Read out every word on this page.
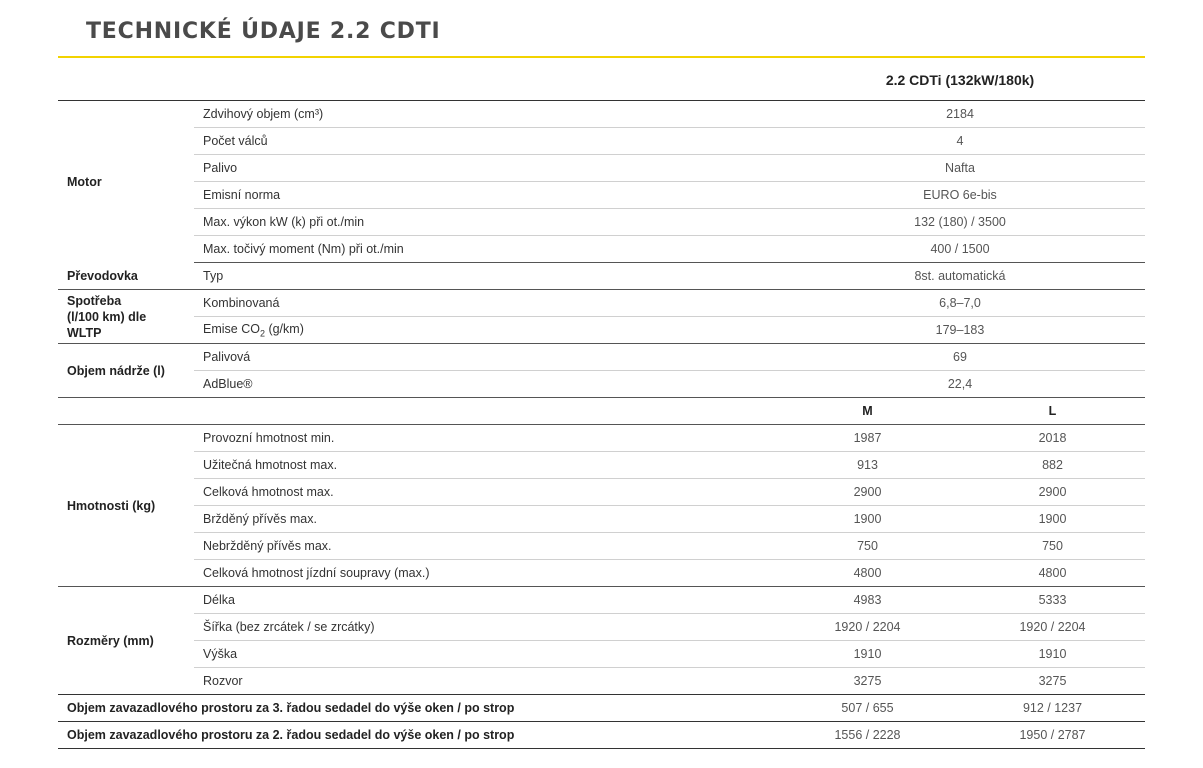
TECHNICKÉ ÚDAJE 2.2 CDTI
2.2 CDTi (132kW/180k)
Motor	Zdvihový objem (cm³)	2184	
	Počet válců	4	
	Palivo	Nafta	
	Emisní norma	EURO 6e-bis	
	Max. výkon kW (k) při ot./min	132 (180) / 3500	
	Max. točivý moment (Nm) při ot./min	400 / 1500	
Převodovka	Typ	8st. automatická	
Spotřeba (l/100 km) dle WLTP	Kombinovaná	6,8–7,0	
	Emise $CO_2$ (g/km)	179–183	
Objem nádrže (l)	Palivová	69	
	AdBlue®	22,4	
		M	L
Hmotnosti (kg)	Provozní hmotnost min.	1987	2018
	Užitečná hmotnost max.	913	882
	Celková hmotnost max.	2900	2900
	Bržděný přívěs max.	1900	1900
	Nebržděný přívěs max.	750	750
	Celková hmotnost jízdní soupravy (max.)	4800	4800
Rozměry (mm)	Délka	4983	5333
	Šířka (bez zrcátek / se zrcátky)	1920 / 2204	1920 / 2204
	Výška	1910	1910
	Rozvor	3275	3275
Objem zavazadlového prostoru za 3. řadou sedadel do výše oken / po strop		507 / 655	912 / 1237
Objem zavazadlového prostoru za 2. řadou sedadel do výše oken / po strop		1556 / 2228	1950 / 2787
